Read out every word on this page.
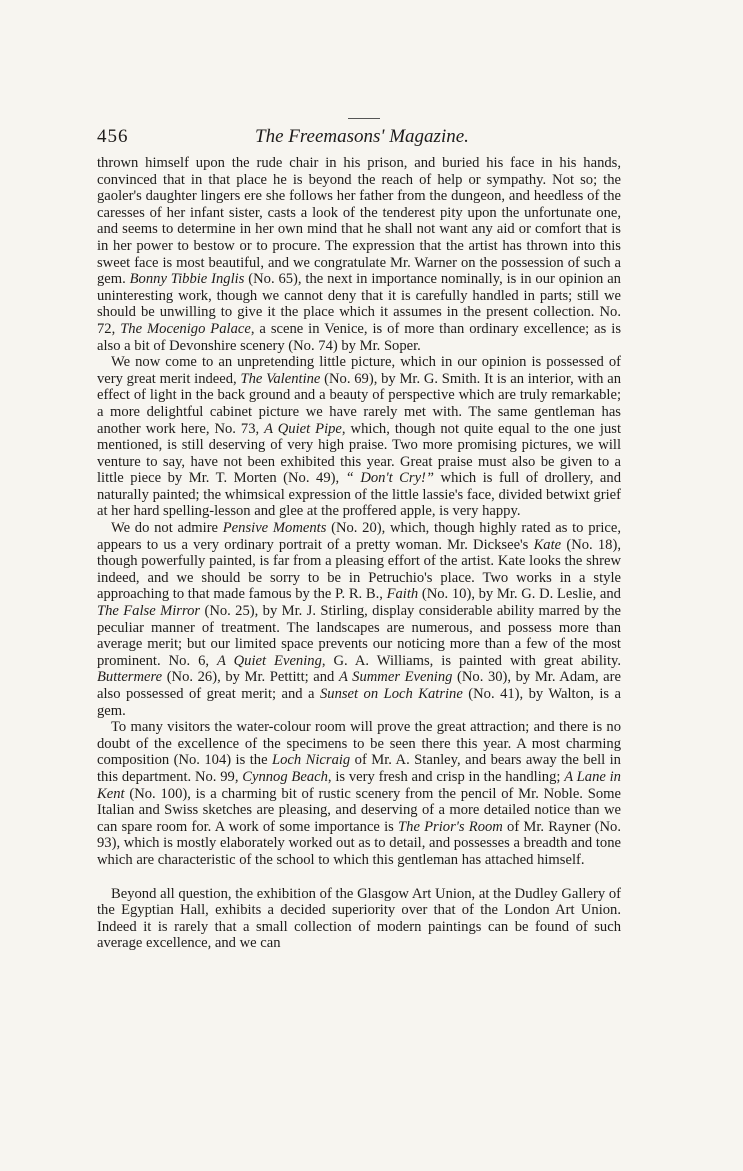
456	The Freemasons' Magazine.

thrown himself upon the rude chair in his prison, and buried his face in his hands, convinced that in that place he is beyond the reach of help or sympathy. Not so; the gaoler's daughter lingers ere she follows her father from the dungeon, and heedless of the caresses of her infant sister, casts a look of the tenderest pity upon the unfortunate one, and seems to determine in her own mind that he shall not want any aid or comfort that is in her power to bestow or to procure. The expression that the artist has thrown into this sweet face is most beautiful, and we congratulate Mr. Warner on the possession of such a gem. Bonny Tibbie Inglis (No. 65), the next in importance nominally, is in our opinion an uninteresting work, though we cannot deny that it is carefully handled in parts; still we should be unwilling to give it the place which it assumes in the present collection. No. 72, The Mocenigo Palace, a scene in Venice, is of more than ordinary excellence; as is also a bit of Devonshire scenery (No. 74) by Mr. Soper.

We now come to an unpretending little picture, which in our opinion is possessed of very great merit indeed, The Valentine (No. 69), by Mr. G. Smith. It is an interior, with an effect of light in the back ground and a beauty of perspective which are truly remarkable; a more delightful cabinet picture we have rarely met with. The same gentleman has another work here, No. 73, A Quiet Pipe, which, though not quite equal to the one just mentioned, is still deserving of very high praise. Two more promising pictures, we will venture to say, have not been exhibited this year. Great praise must also be given to a little piece by Mr. T. Morten (No. 49), “ Don't Cry!” which is full of drollery, and naturally painted; the whimsical expression of the little lassie's face, divided betwixt grief at her hard spelling-lesson and glee at the proffered apple, is very happy.

We do not admire Pensive Moments (No. 20), which, though highly rated as to price, appears to us a very ordinary portrait of a pretty woman. Mr. Dicksee's Kate (No. 18), though powerfully painted, is far from a pleasing effort of the artist. Kate looks the shrew indeed, and we should be sorry to be in Petruchio's place. Two works in a style approaching to that made famous by the P. R. B., Faith (No. 10), by Mr. G. D. Leslie, and The False Mirror (No. 25), by Mr. J. Stirling, display considerable ability marred by the peculiar manner of treatment. The landscapes are numerous, and possess more than average merit; but our limited space prevents our noticing more than a few of the most prominent. No. 6, A Quiet Evening, G. A. Williams, is painted with great ability. Buttermere (No. 26), by Mr. Pettitt; and A Summer Evening (No. 30), by Mr. Adam, are also possessed of great merit; and a Sunset on Loch Katrine (No. 41), by Walton, is a gem.

To many visitors the water-colour room will prove the great attraction; and there is no doubt of the excellence of the specimens to be seen there this year. A most charming composition (No. 104) is the Loch Nicraig of Mr. A. Stanley, and bears away the bell in this department. No. 99, Cynnog Beach, is very fresh and crisp in the handling; A Lane in Kent (No. 100), is a charming bit of rustic scenery from the pencil of Mr. Noble. Some Italian and Swiss sketches are pleasing, and deserving of a more detailed notice than we can spare room for. A work of some importance is The Prior's Room of Mr. Rayner (No. 93), which is mostly elaborately worked out as to detail, and possesses a breadth and tone which are characteristic of the school to which this gentleman has attached himself.

Beyond all question, the exhibition of the Glasgow Art Union, at the Dudley Gallery of the Egyptian Hall, exhibits a decided superiority over that of the London Art Union. Indeed it is rarely that a small collection of modern paintings can be found of such average excellence, and we can
